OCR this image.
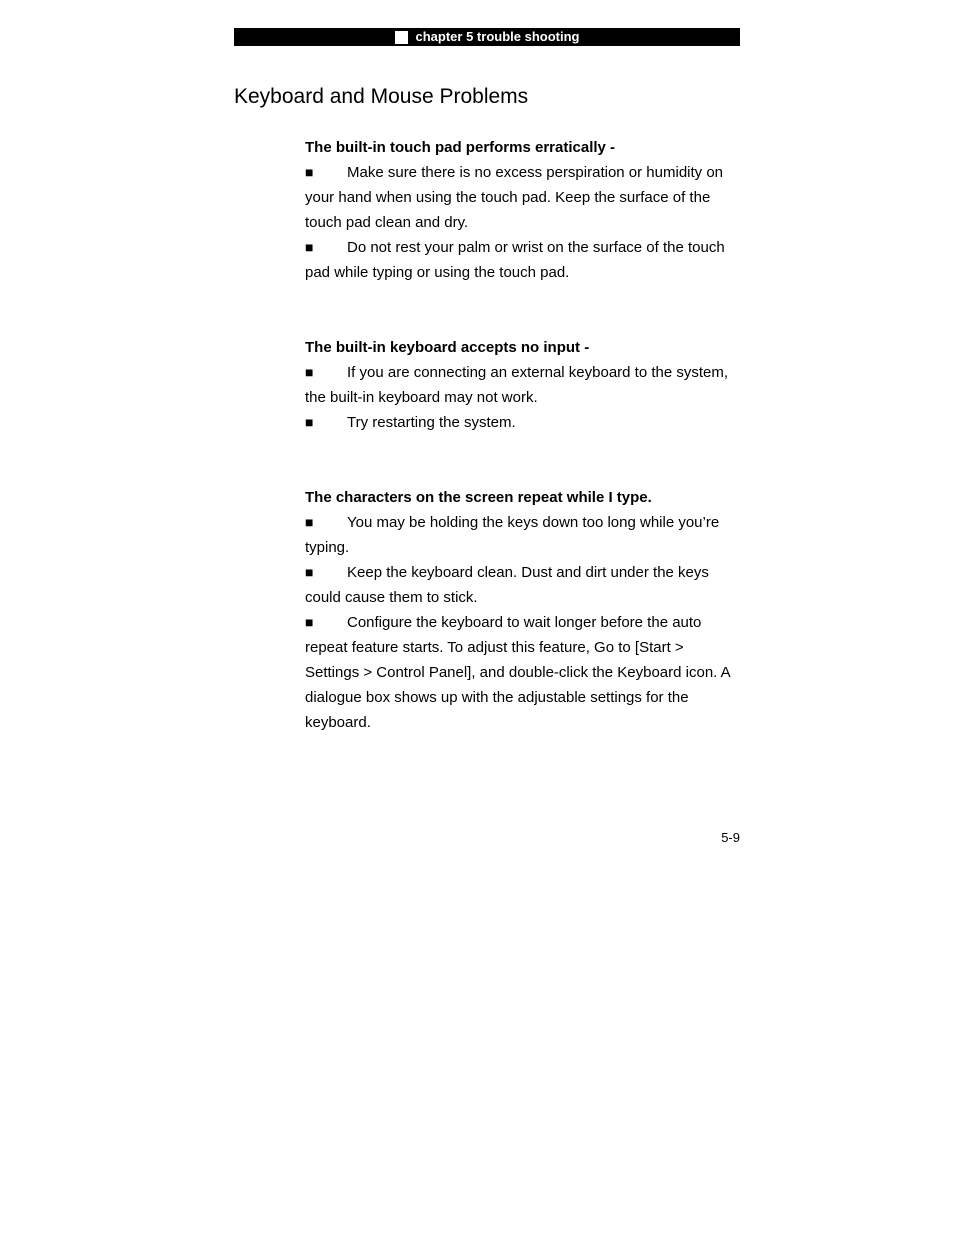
chapter 5 trouble shooting
Keyboard and Mouse Problems

The built-in touch pad performs erratically -

■ Make sure there is no excess perspiration or humidity on your hand when using the touch pad. Keep the surface of the touch pad clean and dry.

■ Do not rest your palm or wrist on the surface of the touch pad while typing or using the touch pad.

The built-in keyboard accepts no input -

■ If you are connecting an external keyboard to the system, the built-in keyboard may not work.

■ Try restarting the system.

The characters on the screen repeat while I type.

■ You may be holding the keys down too long while you’re typing.

■ Keep the keyboard clean. Dust and dirt under the keys could cause them to stick.

■ Configure the keyboard to wait longer before the auto repeat feature starts. To adjust this feature, Go to [Start > Settings > Control Panel], and double-click the Keyboard icon. A dialogue box shows up with the adjustable settings for the keyboard.

5-9
